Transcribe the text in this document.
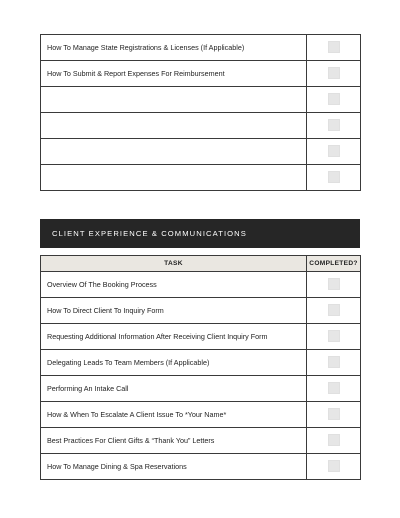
How To Manage State Registrations & Licenses (If Applicable)	
How To Submit & Report Expenses For Reimbursement	

CLIENT EXPERIENCE & COMMUNICATIONS
TASK	COMPLETED?
Overview Of The Booking Process	
How To Direct Client To Inquiry Form	
Requesting Additional Information After Receiving Client Inquiry Form	
Delegating Leads To Team Members (If Applicable)	
Performing An Intake Call	
How & When To Escalate A Client Issue To *Your Name*	
Best Practices For Client Gifts & “Thank You” Letters	
How To Manage Dining & Spa Reservations	
